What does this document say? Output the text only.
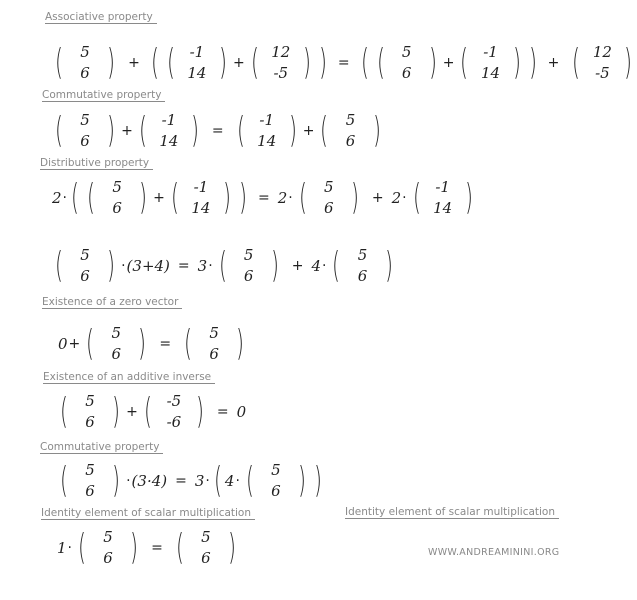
Associative property
Commutative property
Distributive property
Existence of a zero vector
Existence of an additive inverse
Commutative property
Identity element of scalar multiplication	Identity element of scalar multiplication
( 5
6 ) + ( ( -1
14 ) + ( 12
-5 ) ) = ( ( 5
6 ) + ( -1
14 ) ) + ( 12
-5 )
( 5
6 ) + ( -1
14 ) = ( -1
14 ) + ( 5
6 )
2 · ( ( 5
6 ) + ( -1
14 ) ) = 2 · ( 5
6 ) + 2 · ( -1
14 )
( 5
6 ) · (3+4) = 3 · ( 5
6 ) + 4 · ( 5
6 )
0 + ( 5
6 ) = ( 5
6 )
( 5
6 ) + ( -5
-6 ) = 0
( 5
6 ) · (3·4) = 3 · ( 4 · ( 5
6 ) )
1 · ( 5
6 ) = ( 5
6 )	WWW.ANDREAMININI.ORG
